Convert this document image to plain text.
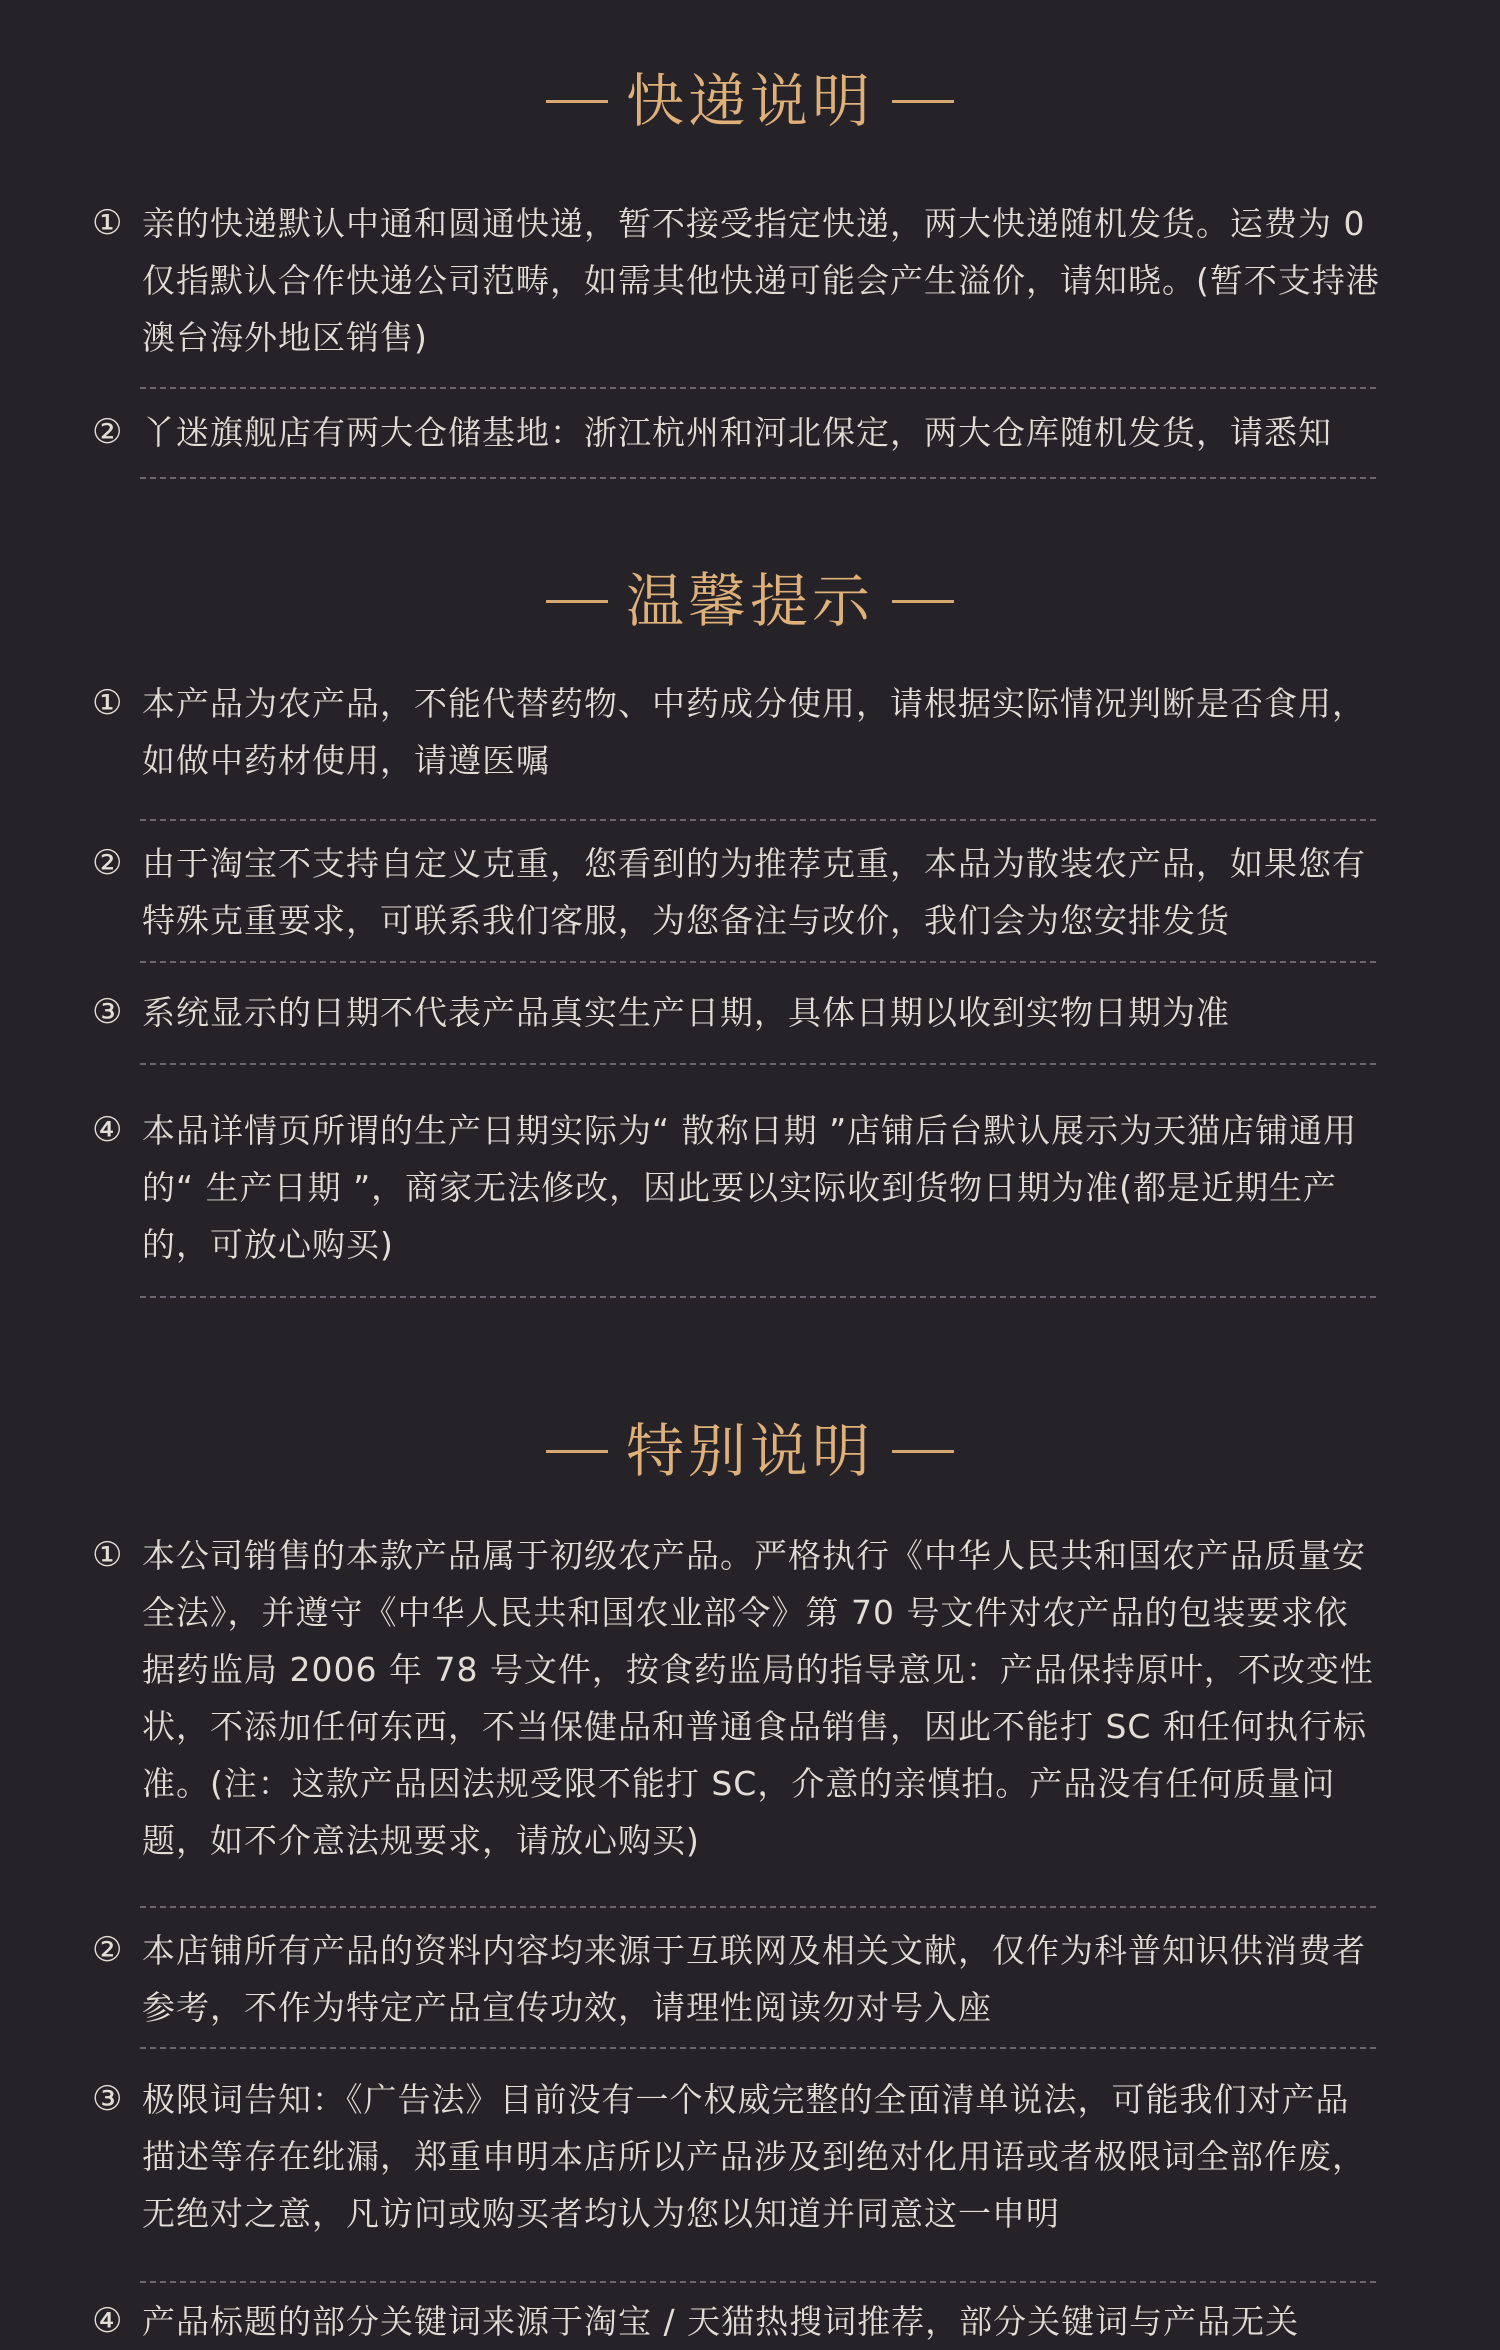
快递说明
① 亲的快递默认中通和圆通快递，暂不接受指定快递，两大快递随机发货。运费为 0 仅指默认合作快递公司范畴，如需其他快递可能会产生溢价，请知晓。(暂不支持港澳台海外地区销售)
② 丫迷旗舰店有两大仓储基地：浙江杭州和河北保定，两大仓库随机发货，请悉知
温馨提示
① 本产品为农产品，不能代替药物、中药成分使用，请根据实际情况判断是否食用，如做中药材使用，请遵医嘱
② 由于淘宝不支持自定义克重，您看到的为推荐克重，本品为散装农产品，如果您有特殊克重要求，可联系我们客服，为您备注与改价，我们会为您安排发货
③ 系统显示的日期不代表产品真实生产日期，具体日期以收到实物日期为准
④ 本品详情页所谓的生产日期实际为“ 散称日期 ”店铺后台默认展示为天猫店铺通用的“ 生产日期 ”，商家无法修改，因此要以实际收到货物日期为准(都是近期生产的，可放心购买)
特别说明
① 本公司销售的本款产品属于初级农产品。严格执行《中华人民共和国农产品质量安全法》，并遵守《中华人民共和国农业部令》第 70 号文件对农产品的包装要求依据药监局 2006 年 78 号文件，按食药监局的指导意见：产品保持原叶，不改变性状，不添加任何东西，不当保健品和普通食品销售，因此不能打 SC 和任何执行标准。(注：这款产品因法规受限不能打 SC，介意的亲慎拍。产品没有任何质量问题，如不介意法规要求，请放心购买)
② 本店铺所有产品的资料内容均来源于互联网及相关文献，仅作为科普知识供消费者参考，不作为特定产品宣传功效，请理性阅读勿对号入座
③ 极限词告知：《广告法》目前没有一个权威完整的全面清单说法，可能我们对产品描述等存在纰漏，郑重申明本店所以产品涉及到绝对化用语或者极限词全部作废，无绝对之意，凡访问或购买者均认为您以知道并同意这一申明
④ 产品标题的部分关键词来源于淘宝 / 天猫热搜词推荐，部分关键词与产品无关
